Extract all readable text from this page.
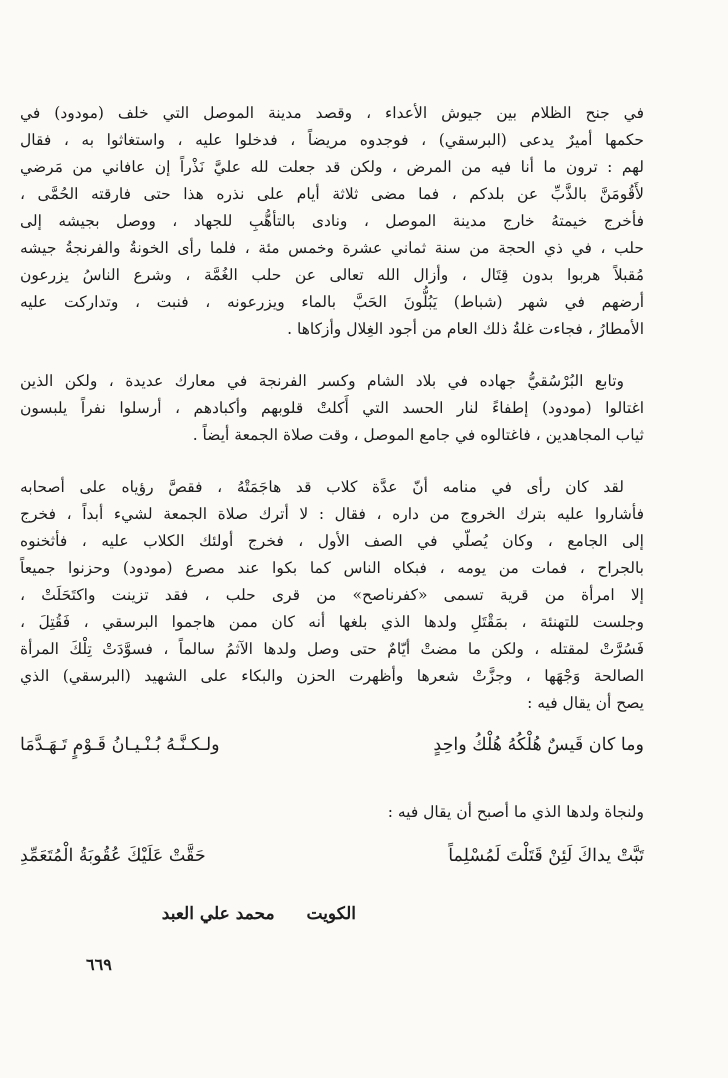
في جنح الظلام بين جيوش الأعداء ، وقصد مدينة الموصل التي خلف (مودود) في
حكمها أميرٌ يدعى (البرسقي) ، فوجدوه مريضاً ، فدخلوا عليه ، واستغاثوا به ، فقال
لهم : ترون ما أنا فيه من المرض ، ولكن قد جعلت لله عليَّ نَذْراً إن عافاني من مَرضي
لأَقُومَنَّ بالذَّبِّ عن بلدكم ، فما مضى ثلاثة أيام على نذره هذا حتى فارقته الحُمَّى ،
فأخرج خيمتهُ خارج مدينة الموصل ، ونادى بالتأهُّبِ للجهاد ، ووصل بجيشه إلى
حلب ، في ذي الحجة من سنة ثماني عشرة وخمس مئة ، فلما رأى الخونةُ والفرنجةُ جيشه
مُقبلاً هربوا بدون قِتَال ، وأزال الله تعالى عن حلب الغُمَّة ، وشرع الناسُ يزرعون
أرضهم في شهر (شباط) يَبُلُّونَ الحَبَّ بالماء ويزرعونه ، فنبت ، وتداركت عليه
الأمطارُ ، فجاءت غلةُ ذلك العام من أجود الغِلال وأزكاها .
وتابع البُرْسُقيُّ جهاده في بلاد الشام وكسر الفرنجة في معارك عديدة ، ولكن الذين
اغتالوا (مودود) إطفاءً لنار الحسد التي أَكلتْ قلوبهم وأكبادهم ، أرسلوا نفراً يلبسون
ثياب المجاهدين ، فاغتالوه في جامع الموصل ، وقت صلاة الجمعة أيضاً .
لقد كان رأى في منامه أنّ عدَّة كلاب قد هاجَمَتْهُ ، فقصَّ رؤياه على أصحابه
فأشاروا عليه بترك الخروج من داره ، فقال : لا أترك صلاة الجمعة لشيء أبداً ، فخرج
إلى الجامع ، وكان يُصلّي في الصف الأول ، فخرج أولئك الكلاب عليه ، فأثخنوه
بالجراح ، فمات من يومه ، فبكاه الناس كما بكوا عند مصرع (مودود) وحزنوا جميعاً
إلا امرأة من قرية تسمى «كفرناصح» من قرى حلب ، فقد تزينت واكتَحَلَتْ ،
وجلست للتهنئة ، بمَقْتَلِ ولدها الذي بلغها أنه كان ممن هاجموا البرسقي ، فَقُتِلَ ،
فَسُرَّتْ لمقتله ، ولكن ما مضتْ أيّامٌ حتى وصل ولدها الآثمُ سالماً ، فسوَّدَتْ تِلْكَ المرأة
الصالحة وَجْهَها ، وجزَّتْ شعرها وأظهرت الحزن والبكاء على الشهيد (البرسقي) الذي
يصح أن يقال فيه :
وما كان قَيسٌ هُلْكُهُ هُلْكُ واحِدٍ
ولـكـنَّـهُ بُـنْـيـانُ قَـوْمٍ تَـهَـدَّمَا
ولنجاة ولدها الذي ما أصبح أن يقال فيه :
تَبَّتْ يداكَ لَئِنْ قَتَلْتَ لَمُسْلِماً
حَقَّتْ عَلَيْكَ عُقُوبَةُ الْمُتَعَمِّدِ
الكويت محمد علي العبد
٦٦٩
